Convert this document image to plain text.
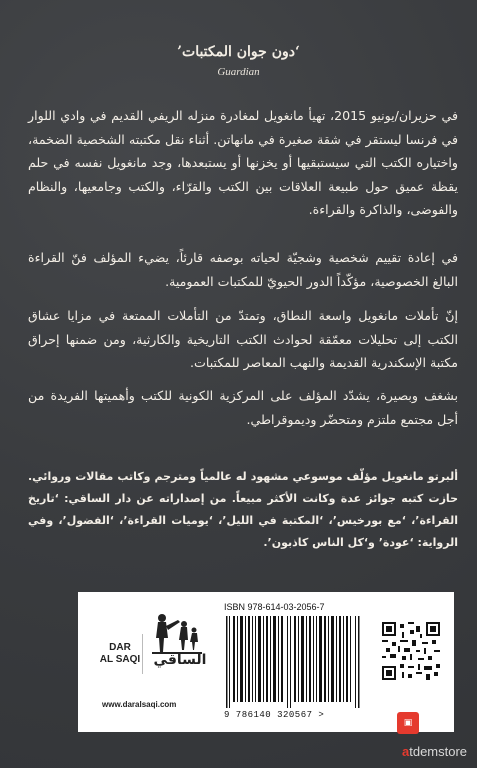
‘دون جوان المكتبات’
Guardian
في حزيران/يونيو 2015، تهيأ مانغويل لمغادرة منزله الريفي القديم في وادي اللوار في فرنسا ليستقر في شقة صغيرة في مانهاتن. أثناء نقل مكتبته الشخصية الضخمة، واختياره الكتب التي سيستبقيها أو يخزنها أو يستبعدها، وجد مانغويل نفسه في حلم يقظة عميق حول طبيعة العلاقات بين الكتب والقرّاء، والكتب وجامعيها، والنظام والفوضى، والذاكرة والقراءة.
في إعادة تقييم شخصية وشجيّة لحياته بوصفه قارئاً، يضيء المؤلف فنّ القراءة البالغ الخصوصية، مؤكّداً الدور الحيويّ للمكتبات العمومية.
إنّ تأملات مانغويل واسعة النطاق، وتمتدّ من التأملات الممتعة في مزايا عشاق الكتب إلى تحليلات معمّقة لحوادث الكتب التاريخية والكارثية، ومن ضمنها إحراق مكتبة الإسكندرية القديمة والنهب المعاصر للمكتبات.
بشغف وبصيرة، يشدّد المؤلف على المركزية الكونية للكتب وأهميتها الفريدة من أجل مجتمع ملتزم ومتحضّر وديموقراطي.
ألبرتو مانغويل مؤلّف موسوعي مشهود له عالمياً ومترجم وكاتب مقالات وروائي. حازت كتبه جوائز عدة وكانت الأكثر مبيعاً. من إصداراته عن دار الساقي: ‘تاريخ القراءة’، ‘مع بورخيس’، ‘المكتبة في الليل’، ‘يوميات القراءة’، ‘الفضول’، وفي الرواية: ‘عودة’ و‘كل الناس كاذبون’.
DAR
AL SAQI الساقي
www.daralsaqi.com
ISBN 978-614-03-2056-7
9 786140 320567 >
▣
atdemstore
